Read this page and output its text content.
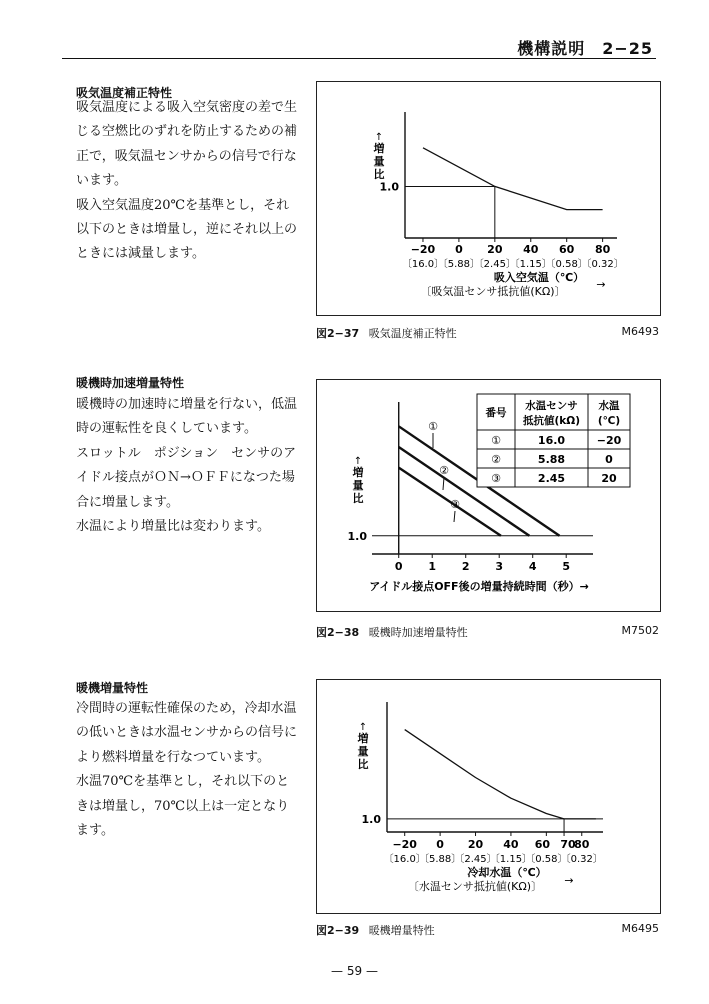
機構説明　2−25
吸気温度補正特性

吸気温度による吸入空気密度の差で生じる空燃比のずれを防止するための補正で，吸気温センサからの信号で行ないます。

吸入空気温度20℃を基準とし，それ以下のときは増量し，逆にそれ以上のときには減量します。

暖機時加速増量特性

暖機時の加速時に増量を行ない，低温時の運転性を良くしています。

スロットル　ポジション　センサのアイドル接点がＯＮ→ＯＦＦになつた場合に増量します。

水温により増量比は変わります。

暖機増量特性

冷間時の運転性確保のため，冷却水温の低いときは水温センサからの信号により燃料増量を行なつています。

水温70℃を基準とし，それ以下のときは増量し，70℃以上は一定となります。

↑
増
量
比
1.0
−20 0 20 40 60 80
〔16.0〕
〔5.88〕
〔2.45〕
〔1.15〕
〔0.58〕
〔0.32〕
吸入空気温（℃）
〔吸気温センサ抵抗値(KΩ)〕
→
図2−37 吸気温度補正特性	M6493
↑
増
量
比
1.0
①
②
③
0 1 2 3 4 5
アイドル接点OFF後の増量持続時間（秒）→
番号
水温センサ
抵抗値(kΩ)
水温
(℃)
①	16.0	−20
②	5.88	0
③	2.45	20
図2−38 暖機時加速増量特性	M7502
↑
増
量
比
1.0
−20 0 20 40 60 70
80
〔16.0〕
〔5.88〕
〔2.45〕
〔1.15〕
〔0.58〕
〔0.32〕
冷却水温（℃）
〔水温センサ抵抗値(KΩ)〕 →
図2−39 暖機増量特性	M6495
— 59 —
